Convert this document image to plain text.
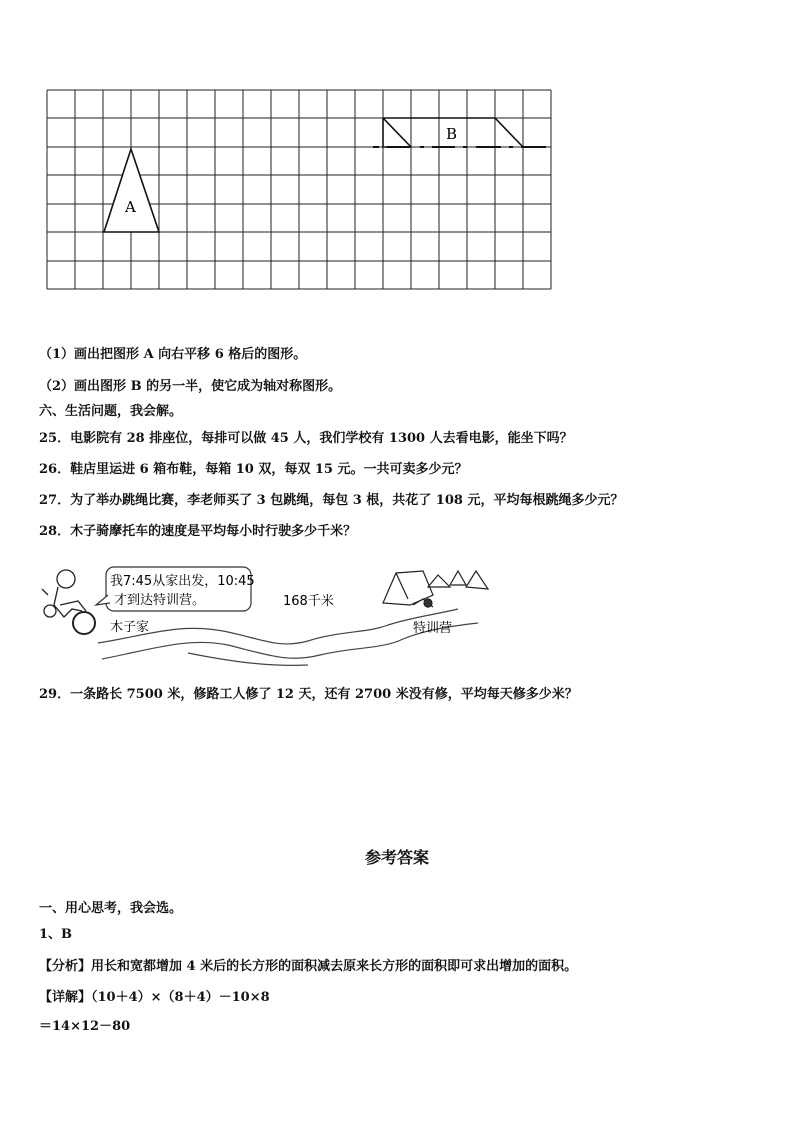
A
B
（1）画出把图形 A 向右平移 6 格后的图形。
（2）画出图形 B 的另一半，使它成为轴对称图形。
六、生活问题，我会解。
25．电影院有 28 排座位，每排可以做 45 人，我们学校有 1300 人去看电影，能坐下吗？
26．鞋店里运进 6 箱布鞋，每箱 10 双，每双 15 元。一共可卖多少元？
27．为了举办跳绳比赛，李老师买了 3 包跳绳，每包 3 根，共花了 108 元，平均每根跳绳多少元？
28．木子骑摩托车的速度是平均每小时行驶多少千米？
我7:45从家出发，10:45
才到达特训营。	168千米
木子家	特训营
29．一条路长 7500 米，修路工人修了 12 天，还有 2700 米没有修，平均每天修多少米？
参考答案
一、用心思考，我会选。
1、B
【分析】用长和宽都增加 4 米后的长方形的面积减去原来长方形的面积即可求出增加的面积。
【详解】（10＋4）×（8＋4）－10×8
＝14×12－80
